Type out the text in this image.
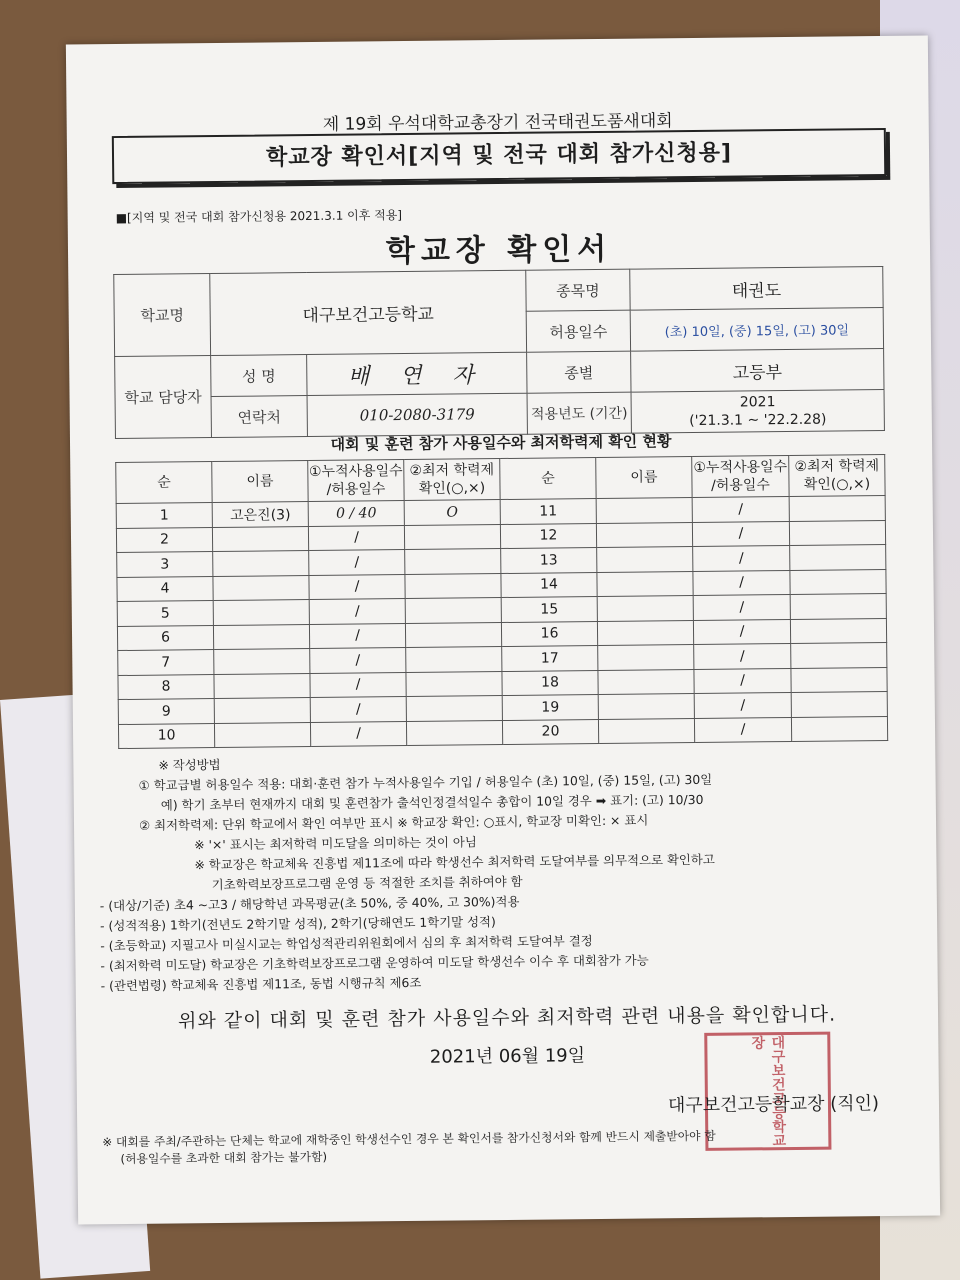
제 19회 우석대학교총장기 전국태권도품새대회
학교장 확인서[지역 및 전국 대회 참가신청용]
■[지역 및 전국 대회 참가신청용 2021.3.1 이후 적용]
학교장 확인서
학교명	대구보건고등학교		종목명	태권도
			허용일수	(초) 10일, (중) 15일, (고) 30일
학교 담당자	성 명	배 연 자	종별	고등부
	연락처	010-2080-3179	적용년도 (기간)	2021
('21.3.1 ~ '22.2.28)
대회 및 훈련 참가 사용일수와 최저학력제 확인 현황
순	이름	①누적사용일수 /허용일수	②최저 학력제 확인(○,×)	순	이름	①누적사용일수 /허용일수	②최저 학력제 확인(○,×)
1	고은진(3)	0 / 40	O	11		/	
2		/		12		/	
3		/		13		/	
4		/		14		/	
5		/		15		/	
6		/		16		/	
7		/		17		/	
8		/		18		/	
9		/		19		/	
10		/		20		/	
※ 작성방법
① 학교급별 허용일수 적용: 대회·훈련 참가 누적사용일수 기입 / 허용일수 (초) 10일, (중) 15일, (고) 30일
예) 학기 초부터 현재까지 대회 및 훈련참가 출석인정결석일수 총합이 10일 경우 ➡ 표기: (고) 10/30
② 최저학력제: 단위 학교에서 확인 여부만 표시 ※ 학교장 확인: ○표시, 학교장 미확인: × 표시
※ '×' 표시는 최저학력 미도달을 의미하는 것이 아님
※ 학교장은 학교체육 진흥법 제11조에 따라 학생선수 최저학력 도달여부를 의무적으로 확인하고
기초학력보장프로그램 운영 등 적절한 조치를 취하여야 함
- (대상/기준) 초4 ~고3 / 해당학년 과목평균(초 50%, 중 40%, 고 30%)적용
- (성적적용) 1학기(전년도 2학기말 성적), 2학기(당해연도 1학기말 성적)
- (초등학교) 지필고사 미실시교는 학업성적관리위원회에서 심의 후 최저학력 도달여부 결정
- (최저학력 미도달) 학교장은 기초학력보장프로그램 운영하여 미도달 학생선수 이수 후 대회참가 가능
- (관련법령) 학교체육 진흥법 제11조, 동법 시행규칙 제6조
위와 같이 대회 및 훈련 참가 사용일수와 최저학력 관련 내용을 확인합니다.
2021년 06월 19일	대구보건고등학교장
대구보건고등학교장 (직인)
※ 대회를 주최/주관하는 단체는 학교에 재학중인 학생선수인 경우 본 확인서를 참가신청서와 함께 반드시 제출받아야 함
(허용일수를 초과한 대회 참가는 불가함)
